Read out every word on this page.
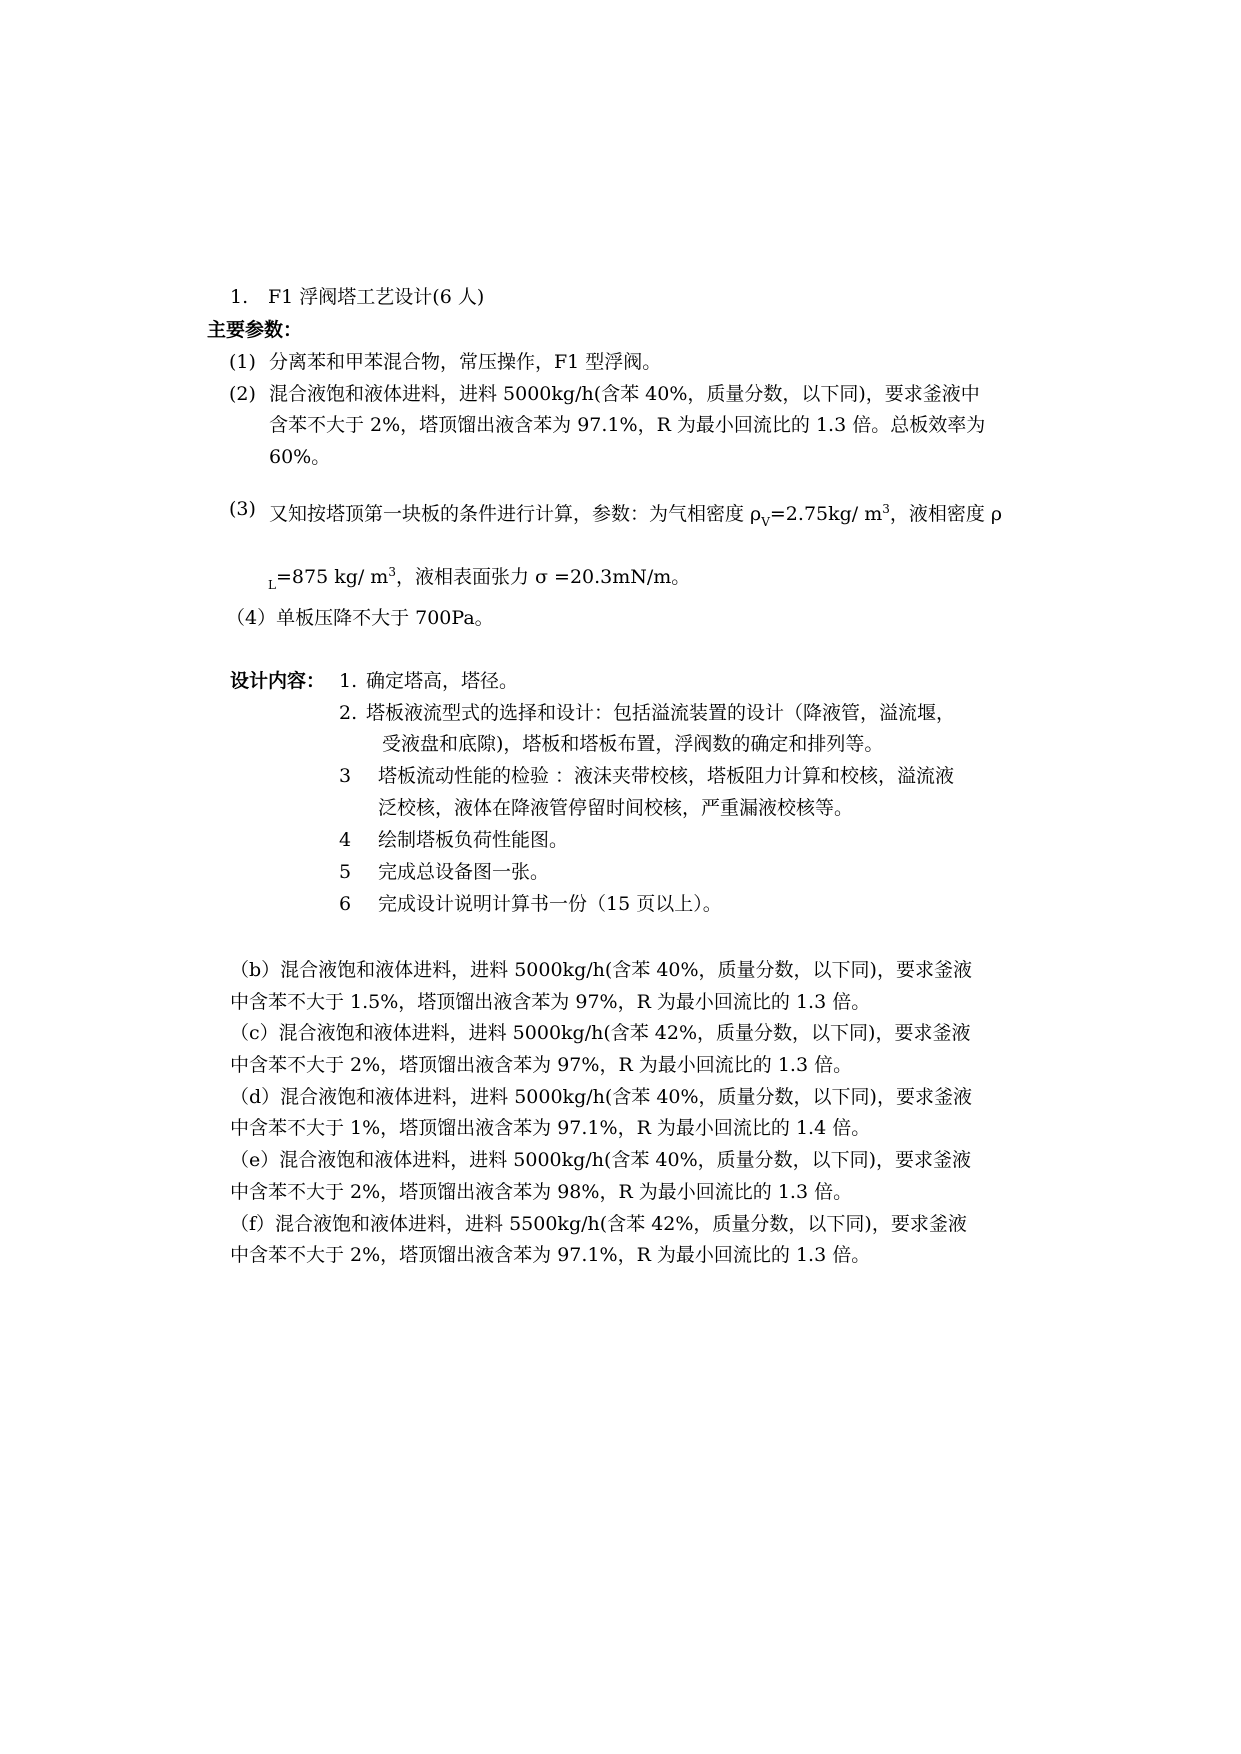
1. F1 浮阀塔工艺设计(6 人)
主要参数：
(1) 分离苯和甲苯混合物，常压操作，F1 型浮阀。
(2) 混合液饱和液体进料，进料 5000kg/h(含苯 40%，质量分数，以下同)，要求釜液中
含苯不大于 2%，塔顶馏出液含苯为 97.1%，R 为最小回流比的 1.3 倍。总板效率为
60%。
(3) 又知按塔顶第一块板的条件进行计算，参数：为气相密度 $\rho_V=2.75kg/$ $m^3$，液相密度 ρ
$_L$=875 kg/ $m^3$，液相表面张力 σ =20.3mN/m。
（4）单板压降不大于 700Pa。
设计内容： 1. 确定塔高，塔径。
2. 塔板液流型式的选择和设计：包括溢流装置的设计（降液管，溢流堰，
受液盘和底隙)，塔板和塔板布置，浮阀数的确定和排列等。
3 塔板流动性能的检验 ：液沫夹带校核，塔板阻力计算和校核，溢流液
泛校核，液体在降液管停留时间校核，严重漏液校核等。
4 绘制塔板负荷性能图。
5 完成总设备图一张。
6 完成设计说明计算书一份（15 页以上）。
（b）混合液饱和液体进料，进料 5000kg/h(含苯 40%，质量分数，以下同)，要求釜液
中含苯不大于 1.5%，塔顶馏出液含苯为 97%，R 为最小回流比的 1.3 倍。
（c）混合液饱和液体进料，进料 5000kg/h(含苯 42%，质量分数，以下同)，要求釜液
中含苯不大于 2%，塔顶馏出液含苯为 97%，R 为最小回流比的 1.3 倍。
（d）混合液饱和液体进料，进料 5000kg/h(含苯 40%，质量分数，以下同)，要求釜液
中含苯不大于 1%，塔顶馏出液含苯为 97.1%，R 为最小回流比的 1.4 倍。
（e）混合液饱和液体进料，进料 5000kg/h(含苯 40%，质量分数，以下同)，要求釜液
中含苯不大于 2%，塔顶馏出液含苯为 98%，R 为最小回流比的 1.3 倍。
（f）混合液饱和液体进料，进料 5500kg/h(含苯 42%，质量分数，以下同)，要求釜液
中含苯不大于 2%，塔顶馏出液含苯为 97.1%，R 为最小回流比的 1.3 倍。
